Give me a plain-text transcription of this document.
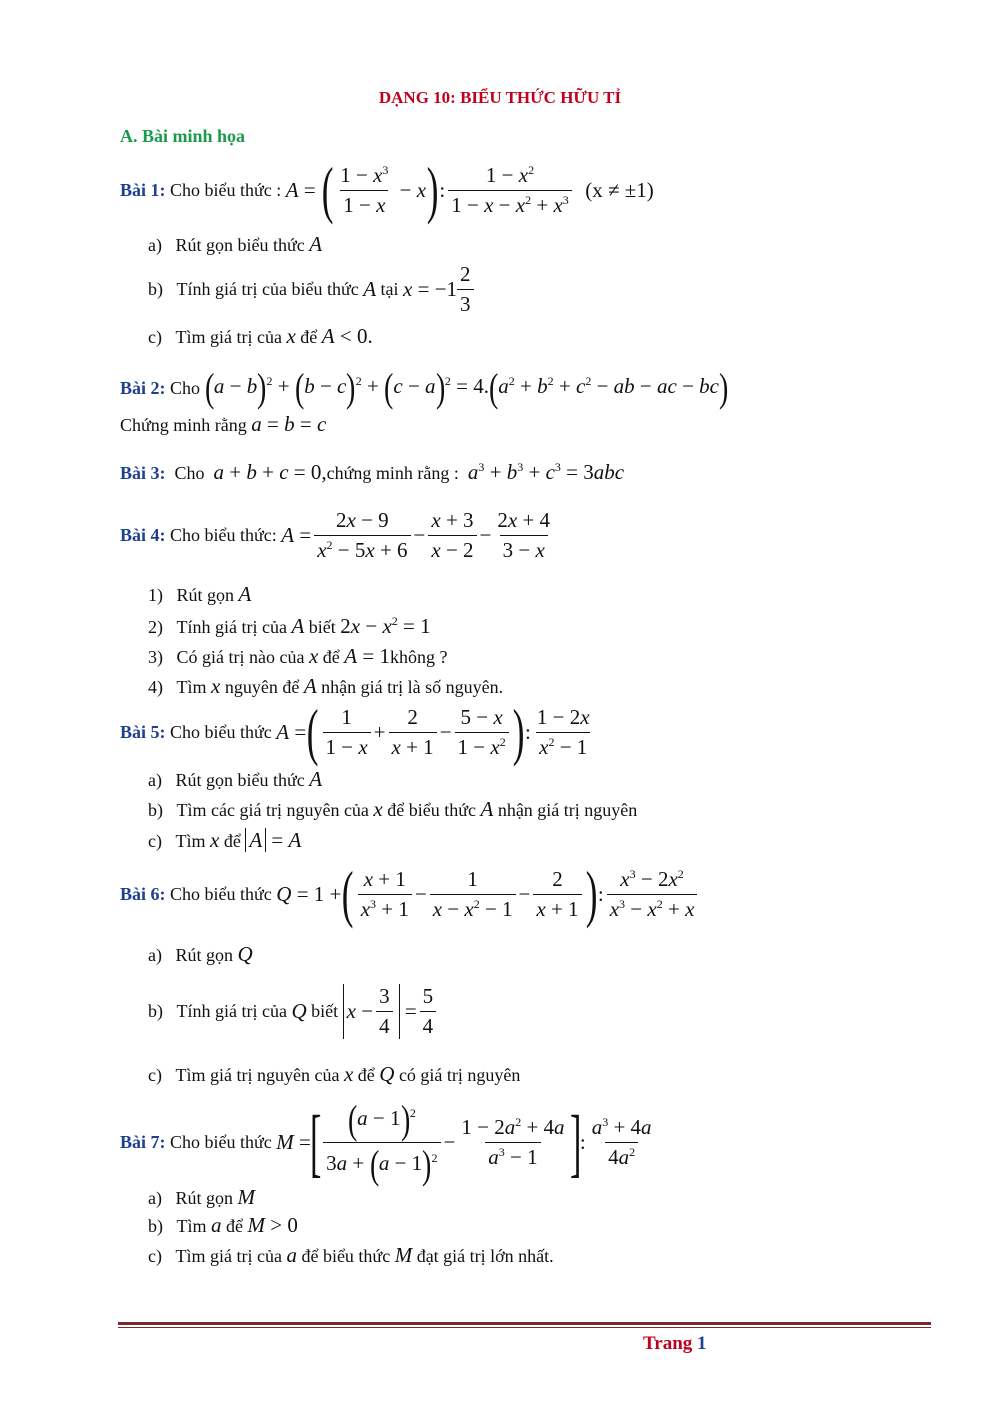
DẠNG 10: BIỂU THỨC HỮU TỈ
A. Bài minh họa
Bài 1:
Cho biểu thức :
A = ( $\frac{1 - x^3}{1 - x} - x$ ) : $\frac{1 - x^2}{1 - x - x^2 + x^3}$
(x ≠ ±1)
a) Rút gọn biểu thức A
b)
Tính giá trị của biểu thức
A
tại
$x = -1 \frac{2}{3}$
c) Tìm giá trị của x để A < 0.
Bài 2:
Cho
$(a - b)^2 + (b - c)^2 + (c - a)^2 = 4.(a^2 + b^2 + c^2$ − ab − ac − bc)
Chứng minh rằng a = b = c
Bài 3: Cho a + b + c = 0,chứng minh rằng : $a^3 + b^3 + c^3 = 3abc$
Bài 4:
Cho biểu thức:
$A = \frac{2x - 9}{x^2 - 5x + 6} - \frac{x + 3}{x - 2} - \frac{2x + 4}{3 - x}$
1) Rút gọn A
2) Tính giá trị của A biết $2x - x^2 = 1$
3) Có giá trị nào của x để A = 1không ?
4) Tìm x nguyên để A nhận giá trị là số nguyên.
Bài 5:
Cho biểu thức
A = ( $\frac{1}{1 - x} + \frac{2}{x + 1} - \frac{5 - x}{1 - x^2}$ ) : $\frac{1 - 2x}{x^2 - 1}$
a) Rút gọn biểu thức A
b) Tìm các giá trị nguyên của x để biểu thức A nhận giá trị nguyên
c) Tìm x để A = A
Bài 6:
Cho biểu thức
Q = 1 + ( $\frac{x + 1}{x^3 + 1} - \frac{1}{x - x^2 - 1} - \frac{2}{x + 1}$ ) : $\frac{x^3 - 2x^2}{x^3 - x^2 + x}$
a) Rút gọn Q
b)
Tính giá trị của
Q
biết
$x - \frac{3}{4} = \frac{5}{4}$
c) Tìm giá trị nguyên của x để Q có giá trị nguyên
Bài 7:
Cho biểu thức
M =
[ $\frac{(a - 1)^2}{3a + (a - 1)^2} - \frac{1 - 2a^2 + 4a}{a^3 - 1}$ ]
: $\frac{a^3 + 4a}{4a^2}$
a) Rút gọn M
b) Tìm a để M > 0
c) Tìm giá trị của a để biểu thức M đạt giá trị lớn nhất.
Trang 1
